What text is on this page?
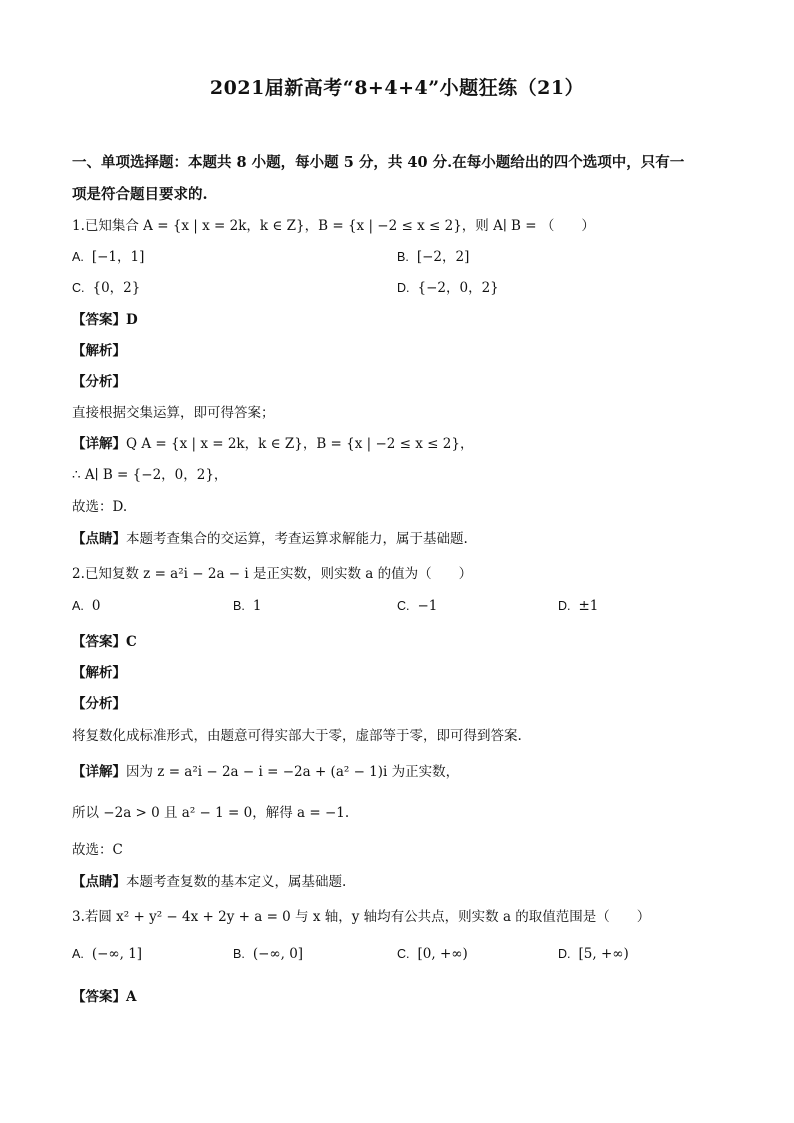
2021届新高考“8+4+4”小题狂练（21）
一、单项选择题：本题共 8 小题，每小题 5 分，共 40 分.在每小题给出的四个选项中，只有一
项是符合题目要求的.
1.已知集合 A = {x | x = 2k，k ∈ Z}，B = {x | −2 ≤ x ≤ 2}，则 A∣ B = （　　）
A. [−1，1]	B. [−2，2]
C. {0，2}	D. {−2，0，2}
【答案】D
【解析】
【分析】
直接根据交集运算，即可得答案；
【详解】Q A = {x | x = 2k，k ∈ Z}，B = {x | −2 ≤ x ≤ 2}，
∴ A∣ B = {−2，0，2}，
故选：D.
【点睛】本题考查集合的交运算，考查运算求解能力，属于基础题.
2.已知复数 z = a²i − 2a − i 是正实数，则实数 a 的值为（　　）
A. 0	B. 1	C. −1	D. ±1
【答案】C
【解析】
【分析】
将复数化成标准形式，由题意可得实部大于零，虚部等于零，即可得到答案.
【详解】因为 z = a²i − 2a − i = −2a + (a² − 1)i 为正实数，
所以 −2a > 0 且 a² − 1 = 0，解得 a = −1.
故选：C
【点睛】本题考查复数的基本定义，属基础题.
3.若圆 x² + y² − 4x + 2y + a = 0 与 x 轴，y 轴均有公共点，则实数 a 的取值范围是（　　）
A. (−∞, 1]	B. (−∞, 0]	C. [0, +∞)	D. [5, +∞)
【答案】A
